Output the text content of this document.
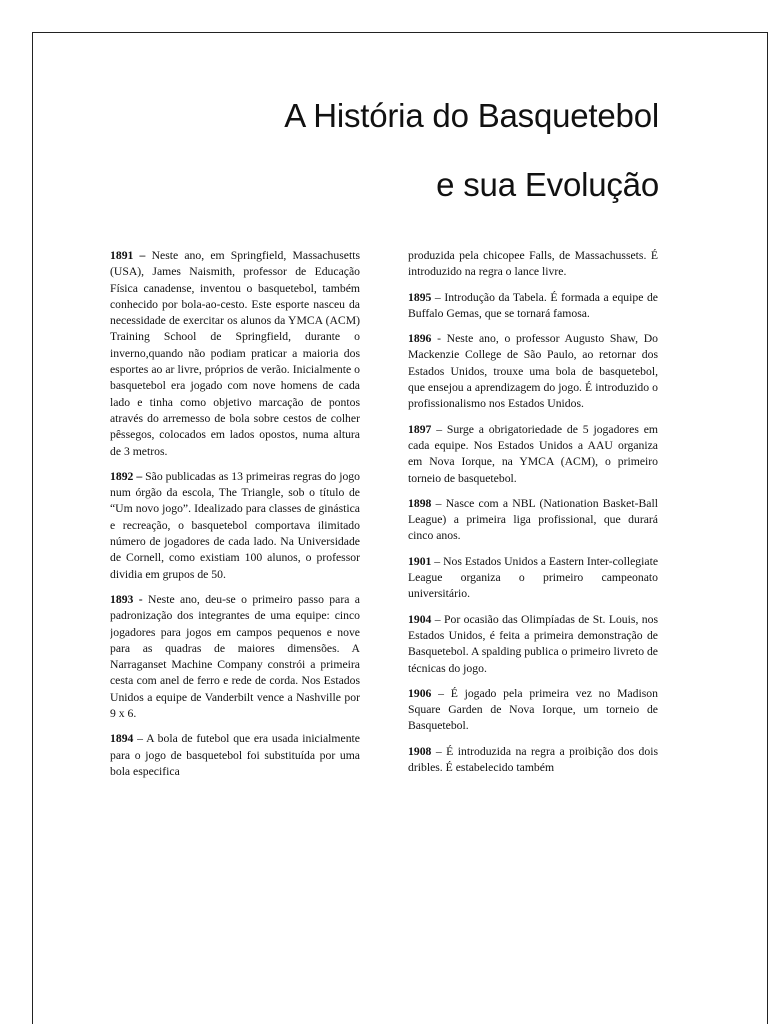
A História do Basquetebol
e sua Evolução

1891 – Neste ano, em Springfield, Massachusetts (USA), James Naismith, professor de Educação Física canadense, inventou o basquetebol, também conhecido por bola-ao-cesto. Este esporte nasceu da necessidade de exercitar os alunos da YMCA (ACM) Training School de Springfield, durante o inverno,quando não podiam praticar a maioria dos esportes ao ar livre, próprios de verão. Inicialmente o basquetebol era jogado com nove homens de cada lado e tinha como objetivo marcação de pontos através do arremesso de bola sobre cestos de colher pêssegos, colocados em lados opostos, numa altura de 3 metros.

1892 – São publicadas as 13 primeiras regras do jogo num órgão da escola, The Triangle, sob o título de “Um novo jogo”. Idealizado para classes de ginástica e recreação, o basquetebol comportava ilimitado número de jogadores de cada lado. Na Universidade de Cornell, como existiam 100 alunos, o professor dividia em grupos de 50.

1893 - Neste ano, deu-se o primeiro passo para a padronização dos integrantes de uma equipe: cinco jogadores para jogos em campos pequenos e nove para as quadras de maiores dimensões. A Narraganset Machine Company constrói a primeira cesta com anel de ferro e rede de corda. Nos Estados Unidos a equipe de Vanderbilt vence a Nashville por 9 x 6.

1894 – A bola de futebol que era usada inicialmente para o jogo de basquetebol foi substituída por uma bola especifica

produzida pela chicopee Falls, de Massachussets. É introduzido na regra o lance livre.

1895 – Introdução da Tabela. É formada a equipe de Buffalo Gemas, que se tornará famosa.

1896 - Neste ano, o professor Augusto Shaw, Do Mackenzie College de São Paulo, ao retornar dos Estados Unidos, trouxe uma bola de basquetebol, que ensejou a aprendizagem do jogo. É introduzido o profissionalismo nos Estados Unidos.

1897 – Surge a obrigatoriedade de 5 jogadores em cada equipe. Nos Estados Unidos a AAU organiza em Nova Iorque, na YMCA (ACM), o primeiro torneio de basquetebol.

1898 – Nasce com a NBL (Nationation Basket-Ball League) a primeira liga profissional, que durará cinco anos.

1901 – Nos Estados Unidos a Eastern Inter-collegiate League organiza o primeiro campeonato universitário.

1904 – Por ocasião das Olimpíadas de St. Louis, nos Estados Unidos, é feita a primeira demonstração de Basquetebol. A spalding publica o primeiro livreto de técnicas do jogo.

1906 – É jogado pela primeira vez no Madison Square Garden de Nova Iorque, um torneio de Basquetebol.

1908 – É introduzida na regra a proibição dos dois dribles. É estabelecido também
